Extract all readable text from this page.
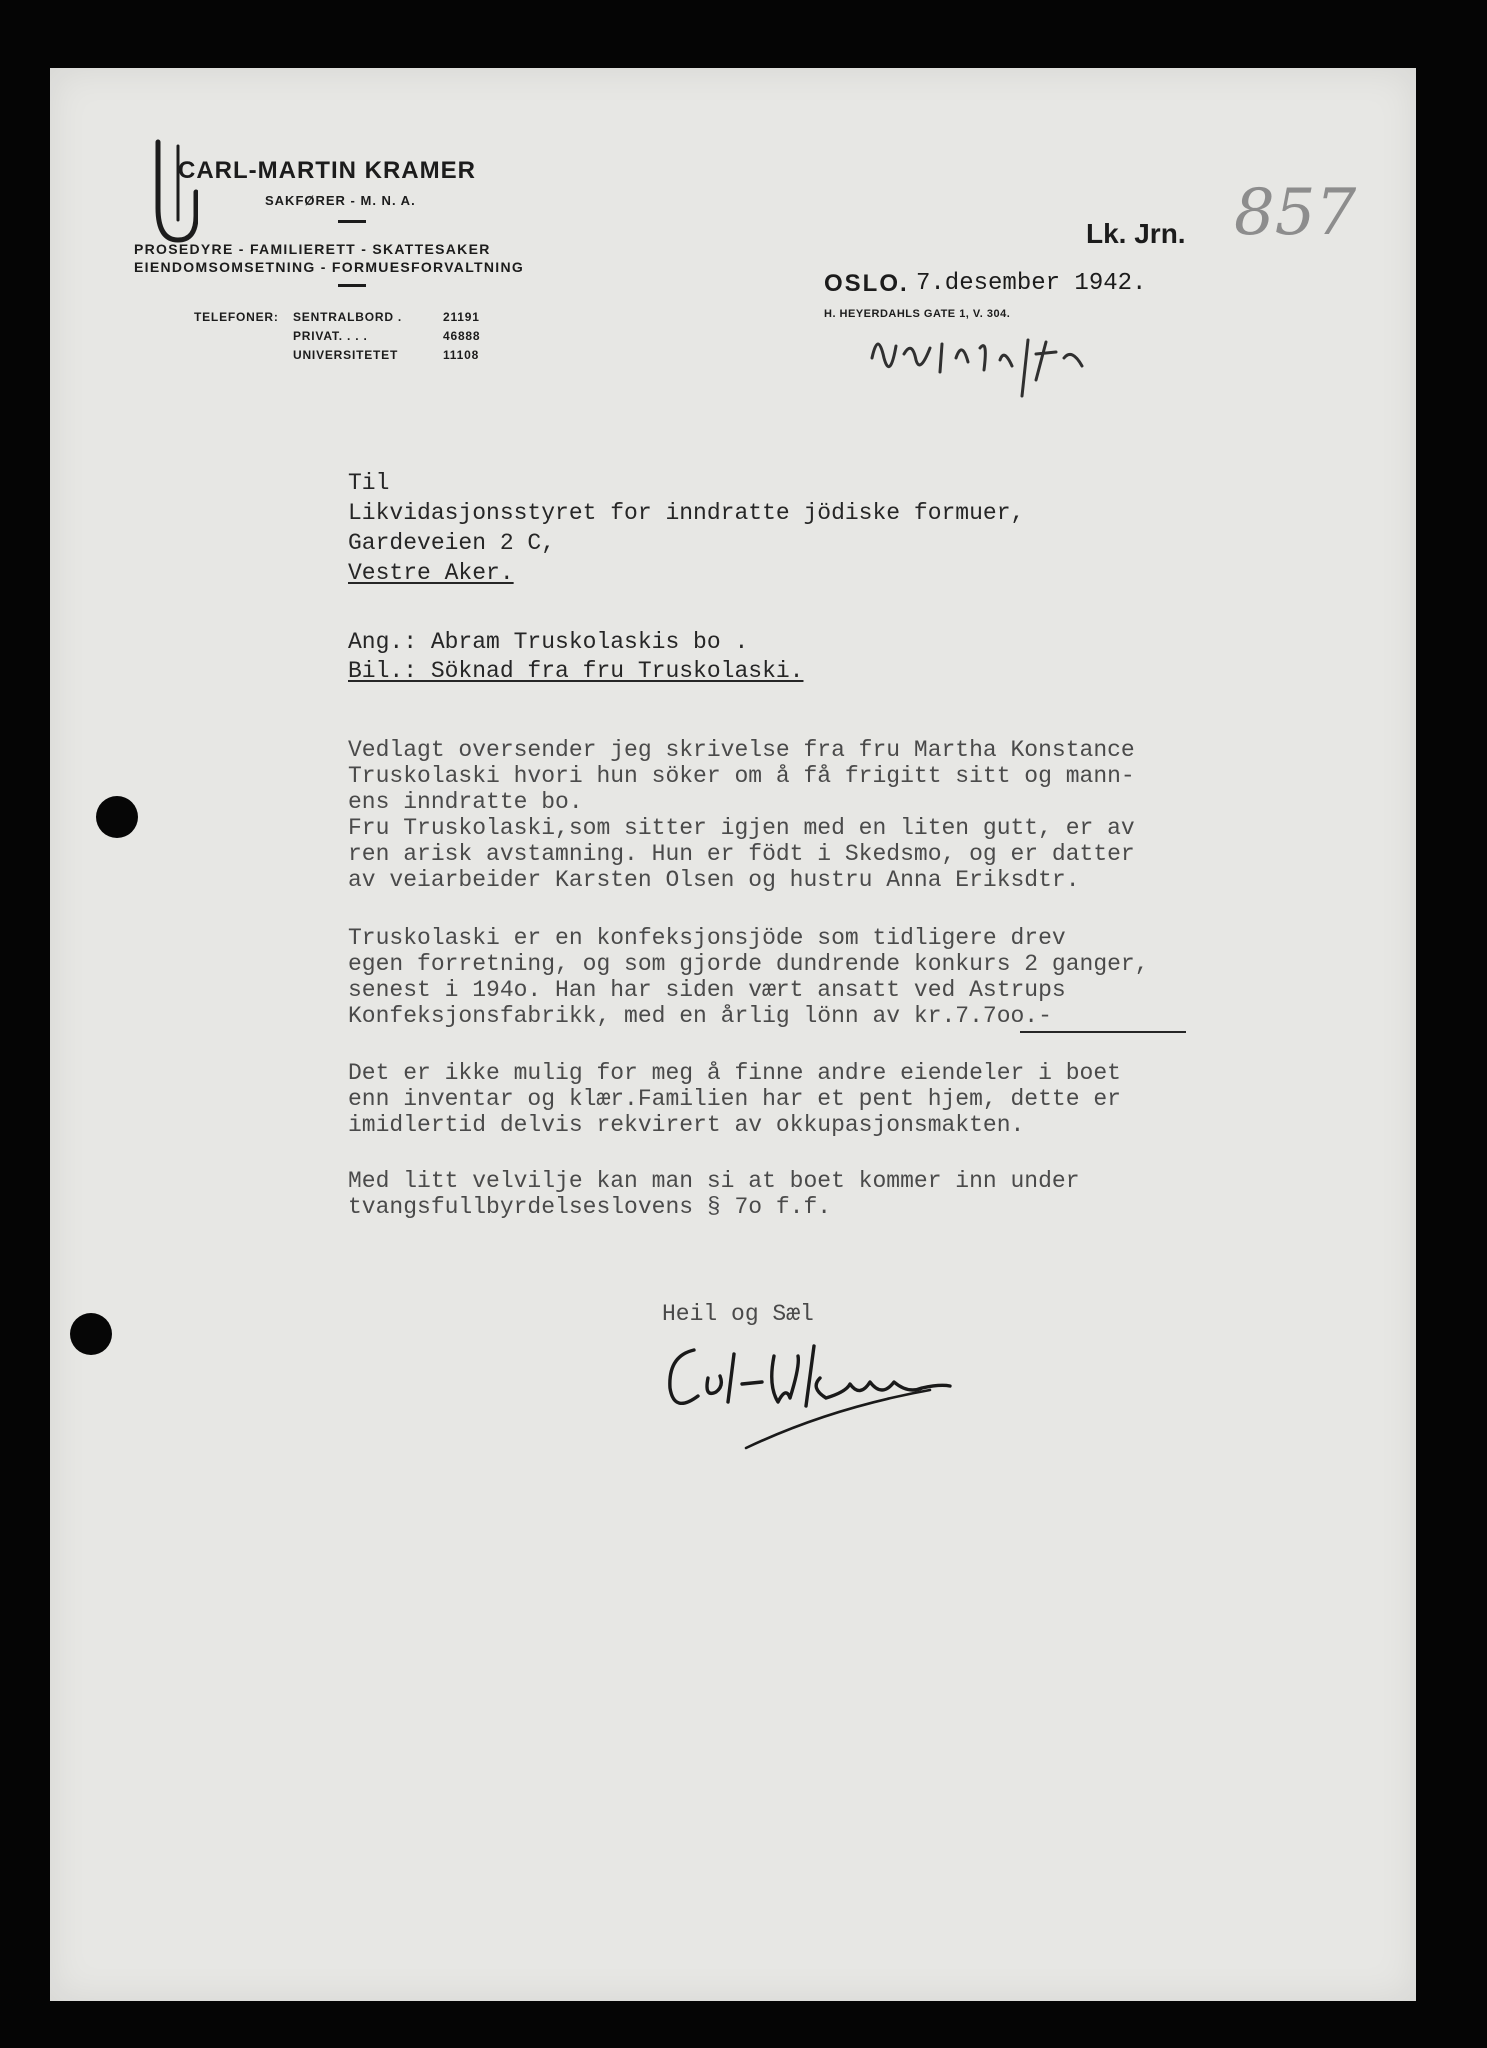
CARL-MARTIN KRAMER
SAKFØRER - M. N. A.
PROSEDYRE - FAMILIERETT - SKATTESAKER
EIENDOMSOMSETNING - FORMUESFORVALTNING
TELEFONER: SENTRALBORD .	21191
PRIVAT. . . .	46888
UNIVERSITETET	11108
Lk. Jrn. 857
OSLO. 7.desember 1942.
H. HEYERDAHLS GATE 1, V. 304.
Til
Likvidasjonsstyret for inndratte jödiske formuer,
Gardeveien 2 C,
Vestre Aker.
Ang.: Abram Truskolaskis bo .
Bil.: Söknad fra fru Truskolaski.
Vedlagt oversender jeg skrivelse fra fru Martha Konstance
Truskolaski hvori hun söker om å få frigitt sitt og mann-
ens inndratte bo.
Fru Truskolaski,som sitter igjen med en liten gutt, er av
ren arisk avstamning. Hun er födt i Skedsmo, og er datter
av veiarbeider Karsten Olsen og hustru Anna Eriksdtr.
Truskolaski er en konfeksjonsjöde som tidligere drev
egen forretning, og som gjorde dundrende konkurs 2 ganger,
senest i 194o. Han har siden vært ansatt ved Astrups
Konfeksjonsfabrikk, med en årlig lönn av kr.7.7oo.-
Det er ikke mulig for meg å finne andre eiendeler i boet
enn inventar og klær.Familien har et pent hjem, dette er
imidlertid delvis rekvirert av okkupasjonsmakten.
Med litt velvilje kan man si at boet kommer inn under
tvangsfullbyrdelseslovens § 7o f.f.
Heil og Sæl
